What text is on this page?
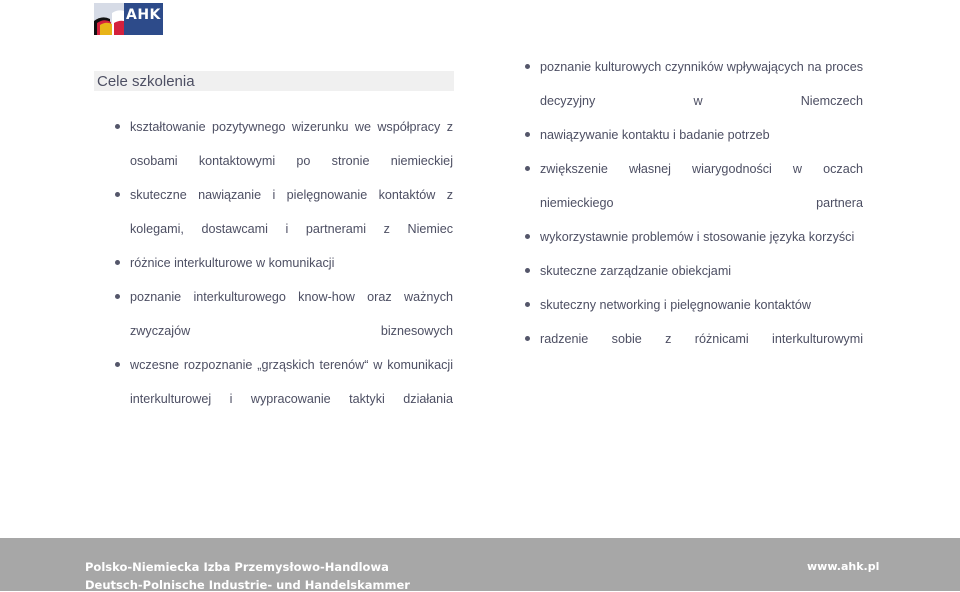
AHK
Cele szkolenia
kształtowanie pozytywnego wizerunku we współpracy z osobami kontaktowymi po stronie niemieckiej
skuteczne nawiązanie i pielęgnowanie kontaktów z kolegami, dostawcami i partnerami z Niemiec
różnice interkulturowe w komunikacji
poznanie interkulturowego know-how oraz ważnych zwyczajów biznesowych
wczesne rozpoznanie „grząskich terenów“ w komunikacji interkulturowej i wypracowanie taktyki działania
poznanie kulturowych czynników wpływających na proces decyzyjny w Niemczech
nawiązywanie kontaktu i badanie potrzeb
zwiększenie własnej wiarygodności w oczach niemieckiego partnera
wykorzystawnie problemów i stosowanie języka korzyści
skuteczne zarządzanie obiekcjami
skuteczny networking i pielęgnowanie kontaktów
radzenie sobie z różnicami interkulturowymi
Polsko-Niemiecka Izba Przemysłowo-Handlowa
Deutsch-Polnische Industrie- und Handelskammer
www.ahk.pl
